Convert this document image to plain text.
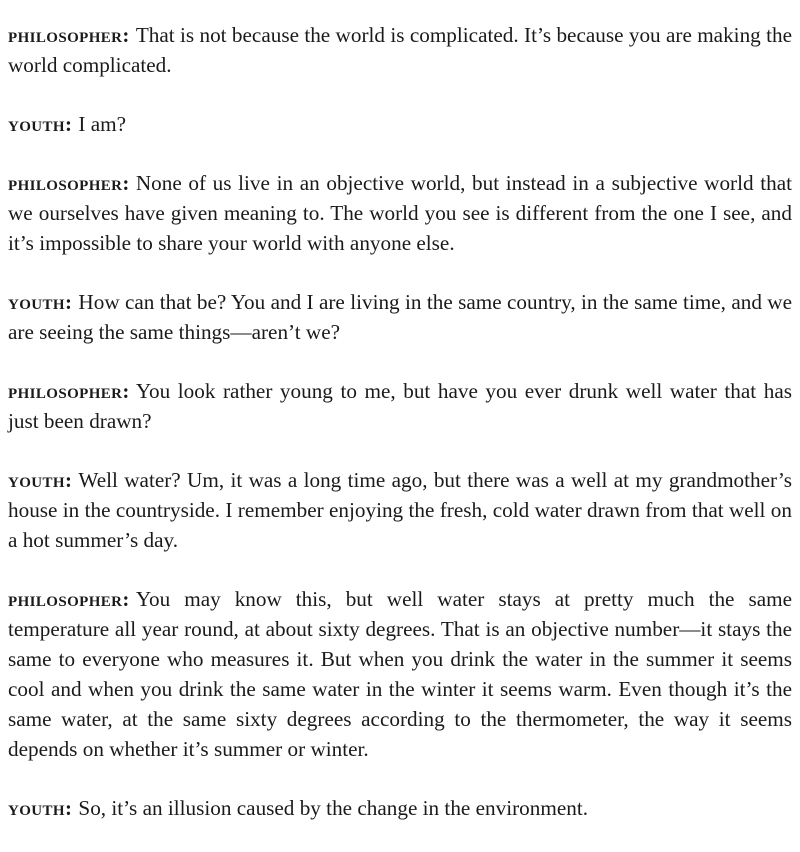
philosopher : That is not because the world is complicated. It’s because you are making the world complicated.

youth : I am?

philosopher : None of us live in an objective world, but instead in a subjective world that we ourselves have given meaning to. The world you see is different from the one I see, and it’s impossible to share your world with anyone else.

youth : How can that be? You and I are living in the same country, in the same time, and we are seeing the same things—aren’t we?

philosopher : You look rather young to me, but have you ever drunk well water that has just been drawn?

youth : Well water? Um, it was a long time ago, but there was a well at my grandmother’s house in the countryside. I remember enjoying the fresh, cold water drawn from that well on a hot summer’s day.

philosopher : You may know this, but well water stays at pretty much the same temperature all year round, at about sixty degrees. That is an objective number—it stays the same to everyone who measures it. But when you drink the water in the summer it seems cool and when you drink the same water in the winter it seems warm. Even though it’s the same water, at the same sixty degrees according to the thermometer, the way it seems depends on whether it’s summer or winter.

youth : So, it’s an illusion caused by the change in the environment.
